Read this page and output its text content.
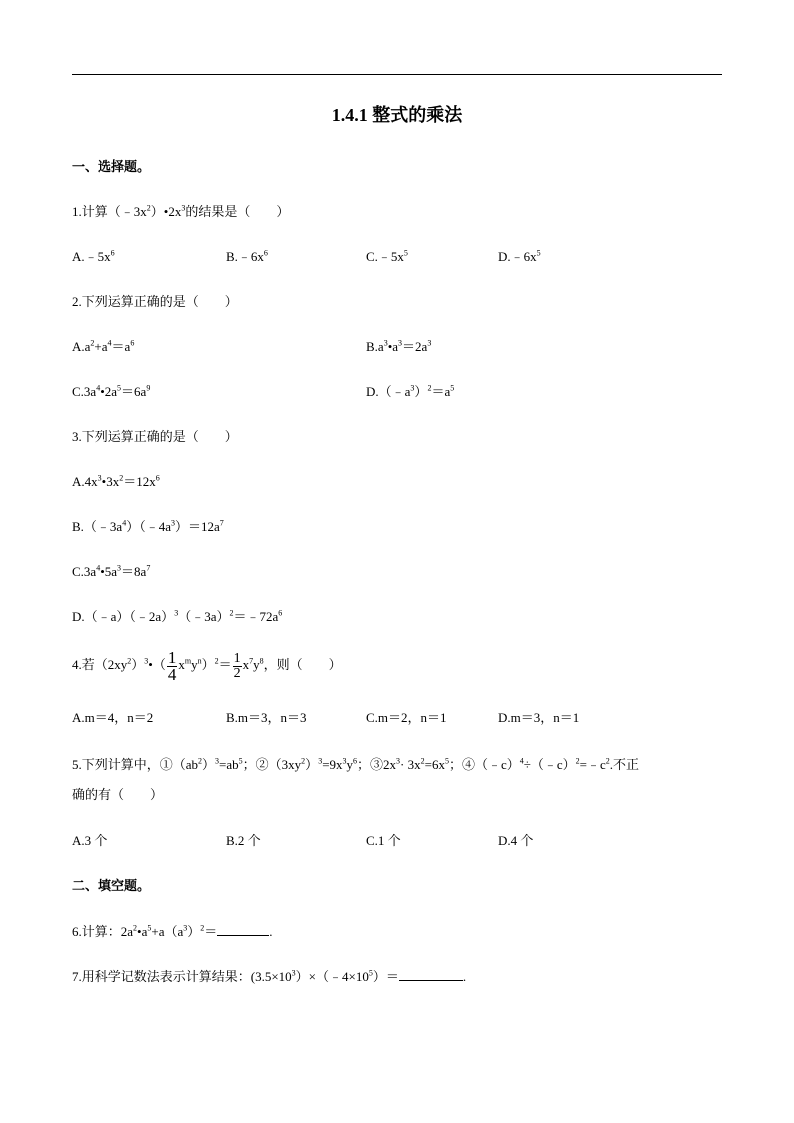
1.4.1 整式的乘法
一、选择题。
1.计算$(﹣3x^2)•2x^3$的结果是（　　）
$A.﹣5x^6$	$B.﹣6x^6$	$C.﹣5x^5$	$D.﹣6x^5$
2.下列运算正确的是（　　）
$A.a^2+a^4=a^6$	$B.a^3•a^3=2a^3$
$C.3a^4•2a^5=6a^9$	$D.(﹣a^3)^2=a^5$
3.下列运算正确的是（　　）
$A.4x^3•3x^2=12x^6$
$B.(﹣3a^4)(﹣4a^3)=12a^7$
$C.3a^4•5a^3=8a^7$
$D.(﹣a)(﹣2a)^3(﹣3a)^2=﹣72a^6$
4.若$(2xy^2)^3•( \frac{1}{4} x^my^n)^2= \frac{1}{2} x^7y^8$，则（　　）
A.m＝4，n＝2	B.m＝3，n＝3	C.m＝2，n＝1	D.m＝3，n＝1
5.下列计算中，$①(ab^2)^3=ab^5$；$②(3xy^2)^3=9x^3y^6$；$③2x^3\cdot 3x^2=6x^5$；$④(﹣c)^4\div(﹣c)^2=﹣c^2$.不正
确的有（　　）
A.3 个	B.2 个	C.1 个	D.4 个
二、填空题。
6.计算：$2a^2•a^5+a(a^3)^2=$	.
7.用科学记数法表示计算结果：$(3.5\times 10^3)\times(﹣4\times 10^5)=$	.
